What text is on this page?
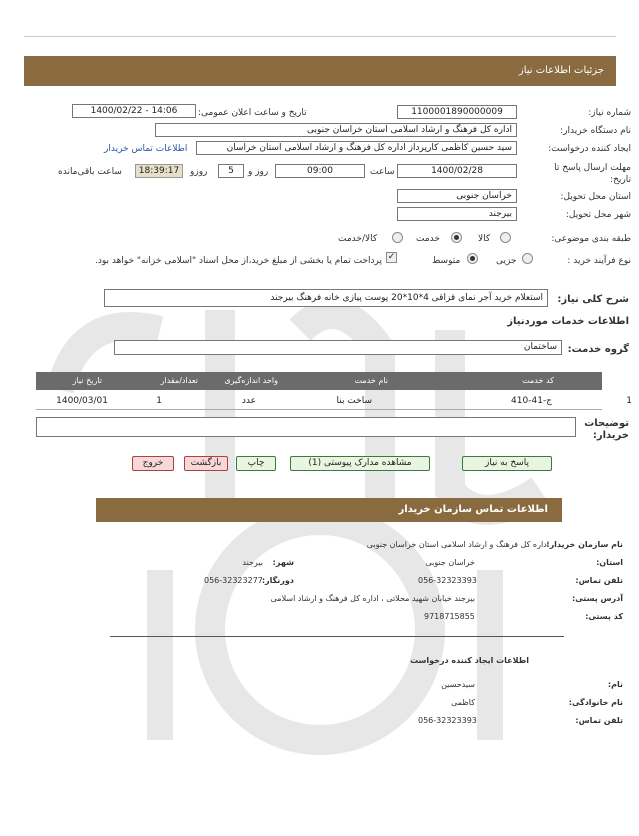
جزئیات اطلاعات نیاز
شماره نیاز:
1100001890000009
تاریخ و ساعت اعلان عمومی:
1400/02/22 - 14:06
نام دستگاه خریدار:
اداره کل فرهنگ و ارشاد اسلامی استان خراسان جنوبی
ایجاد کننده درخواست:
سید حسین کاظمی کارپرداز اداره کل فرهنگ و ارشاد اسلامی استان خراسان
اطلاعات تماس خریدار
مهلت ارسال پاسخ تا تاریخ:
1400/02/28
ساعت
09:00
روز و
5
روزو
18:39:17
ساعت باقی‌مانده
استان محل تحویل:
خراسان جنوبی
شهر محل تحویل:
بیرجند
طبقه بندی موضوعی:
کالا
خدمت
کالا/خدمت
نوع فرآیند خرید :
جزیی
متوسط
✓
پرداخت تمام یا بخشی از مبلغ خرید،از محل اسناد "اسلامی خزانه" خواهد بود.
شرح کلی نیاز:
استعلام خرید آجر نمای قزاقی 4*10*20 پوست پیازی خانه فرهنگ بیرجند
اطلاعات خدمات موردنیاز
گروه خدمت:
ساختمان
ردیف
کد خدمت
نام خدمت
واحد اندازه‌گیری
تعداد/مقدار
تاریخ نیاز
1
ج-41-410
ساخت بنا
عدد
1
1400/03/01
توضیحات خریدار:
پاسخ به نیاز
مشاهده مدارک پیوستی (1)
چاپ
بازگشت
خروج
اطلاعات تماس سازمان خریدار
نام سازمان خریدار:
اداره کل فرهنگ و ارشاد اسلامی استان خراسان جنوبی
استان:
خراسان جنوبی
شهر:
بیرجند
تلفن تماس:
056-32323393
دورنگار:
056-32323277
آدرس پستی:
بیرجند خیابان شهید محلاتی ، اداره کل فرهنگ و ارشاد اسلامی
کد پستی:
9718715855
اطلاعات ایجاد کننده درخواست
نام:
سیدحسین
نام خانوادگی:
کاظمی
تلفن تماس:
056-32323393
